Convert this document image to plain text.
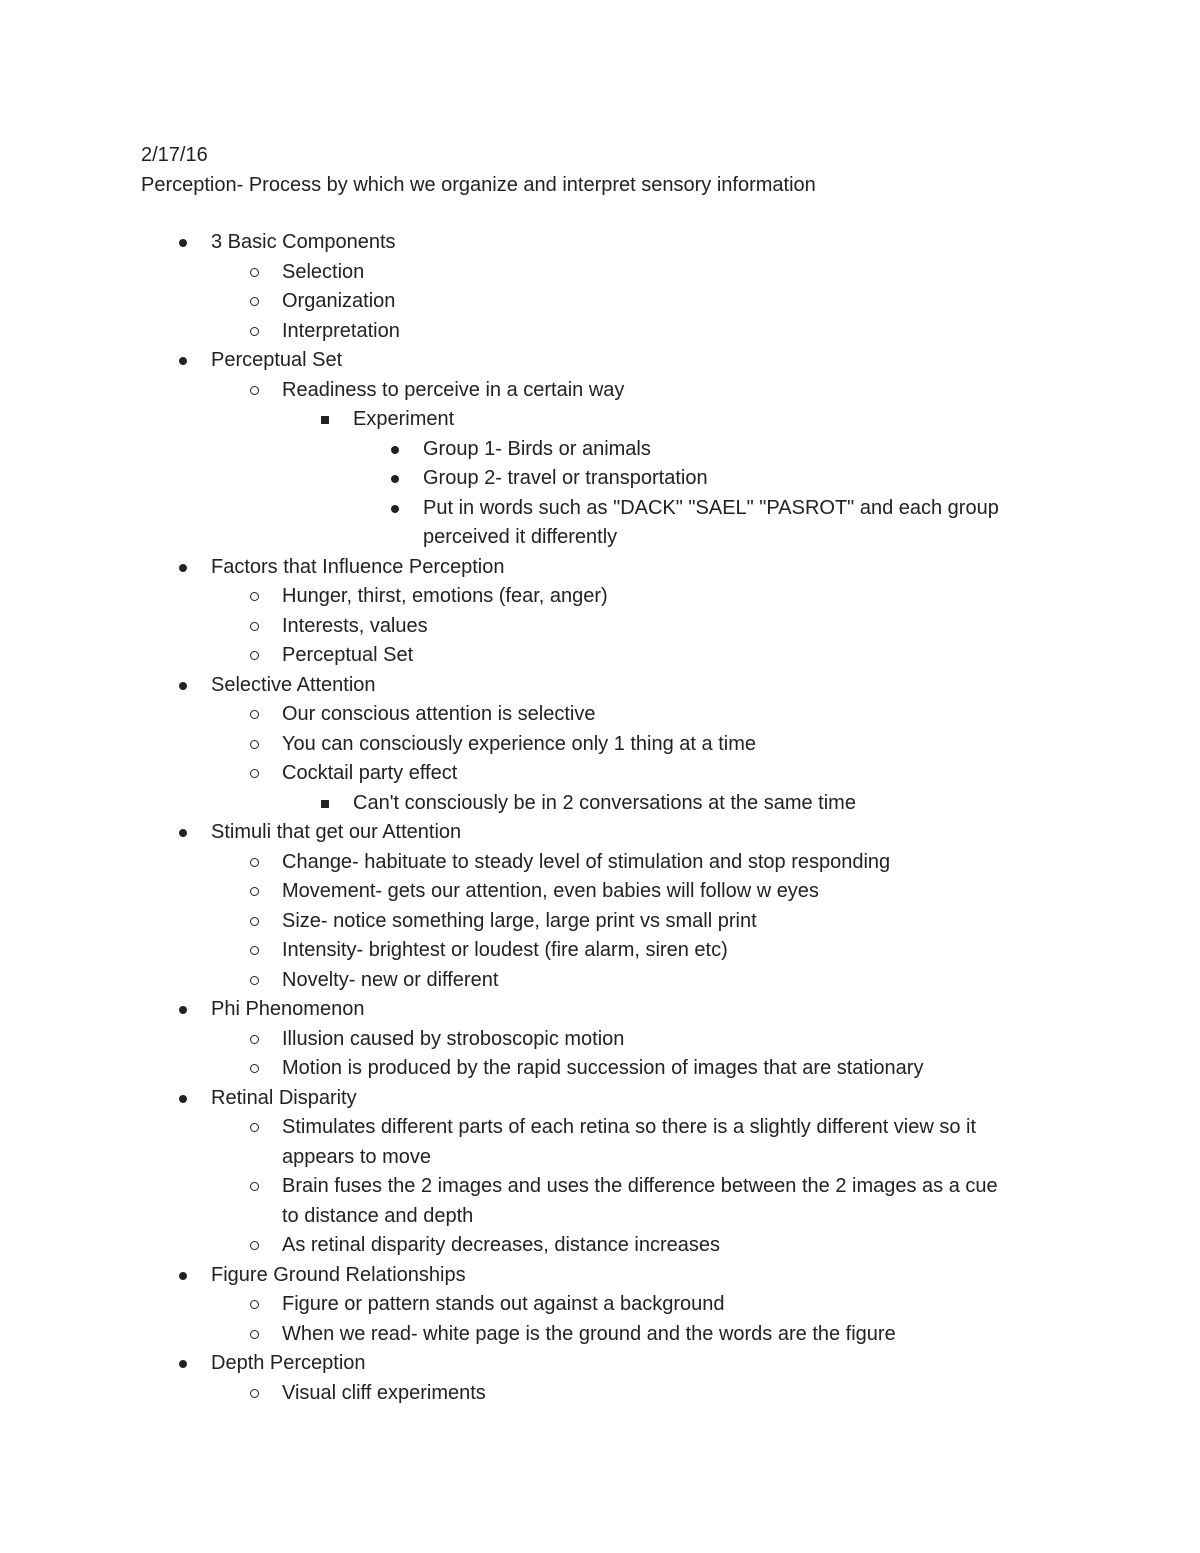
2/17/16
Perception- Process by which we organize and interpret sensory information
3 Basic Components
Selection
Organization
Interpretation
Perceptual Set
Readiness to perceive in a certain way
Experiment
Group 1- Birds or animals
Group 2- travel or transportation
Put in words such as "DACK" "SAEL" "PASROT" and each group
perceived it differently
Factors that Influence Perception
Hunger, thirst, emotions (fear, anger)
Interests, values
Perceptual Set
Selective Attention
Our conscious attention is selective
You can consciously experience only 1 thing at a time
Cocktail party effect
Can't consciously be in 2 conversations at the same time
Stimuli that get our Attention
Change- habituate to steady level of stimulation and stop responding
Movement- gets our attention, even babies will follow w eyes
Size- notice something large, large print vs small print
Intensity- brightest or loudest (fire alarm, siren etc)
Novelty- new or different
Phi Phenomenon
Illusion caused by stroboscopic motion
Motion is produced by the rapid succession of images that are stationary
Retinal Disparity
Stimulates different parts of each retina so there is a slightly different view so it
appears to move
Brain fuses the 2 images and uses the difference between the 2 images as a cue
to distance and depth
As retinal disparity decreases, distance increases
Figure Ground Relationships
Figure or pattern stands out against a background
When we read- white page is the ground and the words are the figure
Depth Perception
Visual cliff experiments
